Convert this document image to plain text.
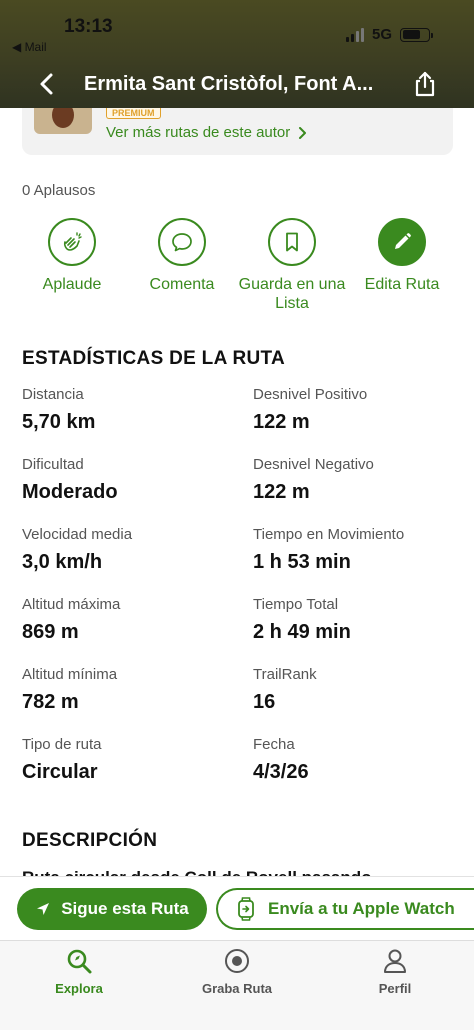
13:13
◀ Mail
5G
Ermita Sant Cristòfol, Font A...
PREMIUM
Ver más rutas de este autor
0 Aplausos
Aplaude	Comenta Guarda en una Lista
Edita Ruta
ESTADÍSTICAS DE LA RUTA
Distancia
5,70 km
Desnivel Positivo
122 m
Dificultad
Moderado
Desnivel Negativo
122 m
Velocidad media
3,0 km/h
Tiempo en Movimiento
1 h 53 min
Altitud máxima
869 m
Tiempo Total
2 h 49 min
Altitud mínima
782 m
TrailRank
16
Tipo de ruta
Circular
Fecha
4/3/26
DESCRIPCIÓN
Sigue esta Ruta	Envía a tu Apple Watch
Explora	Graba Ruta	Perfil
